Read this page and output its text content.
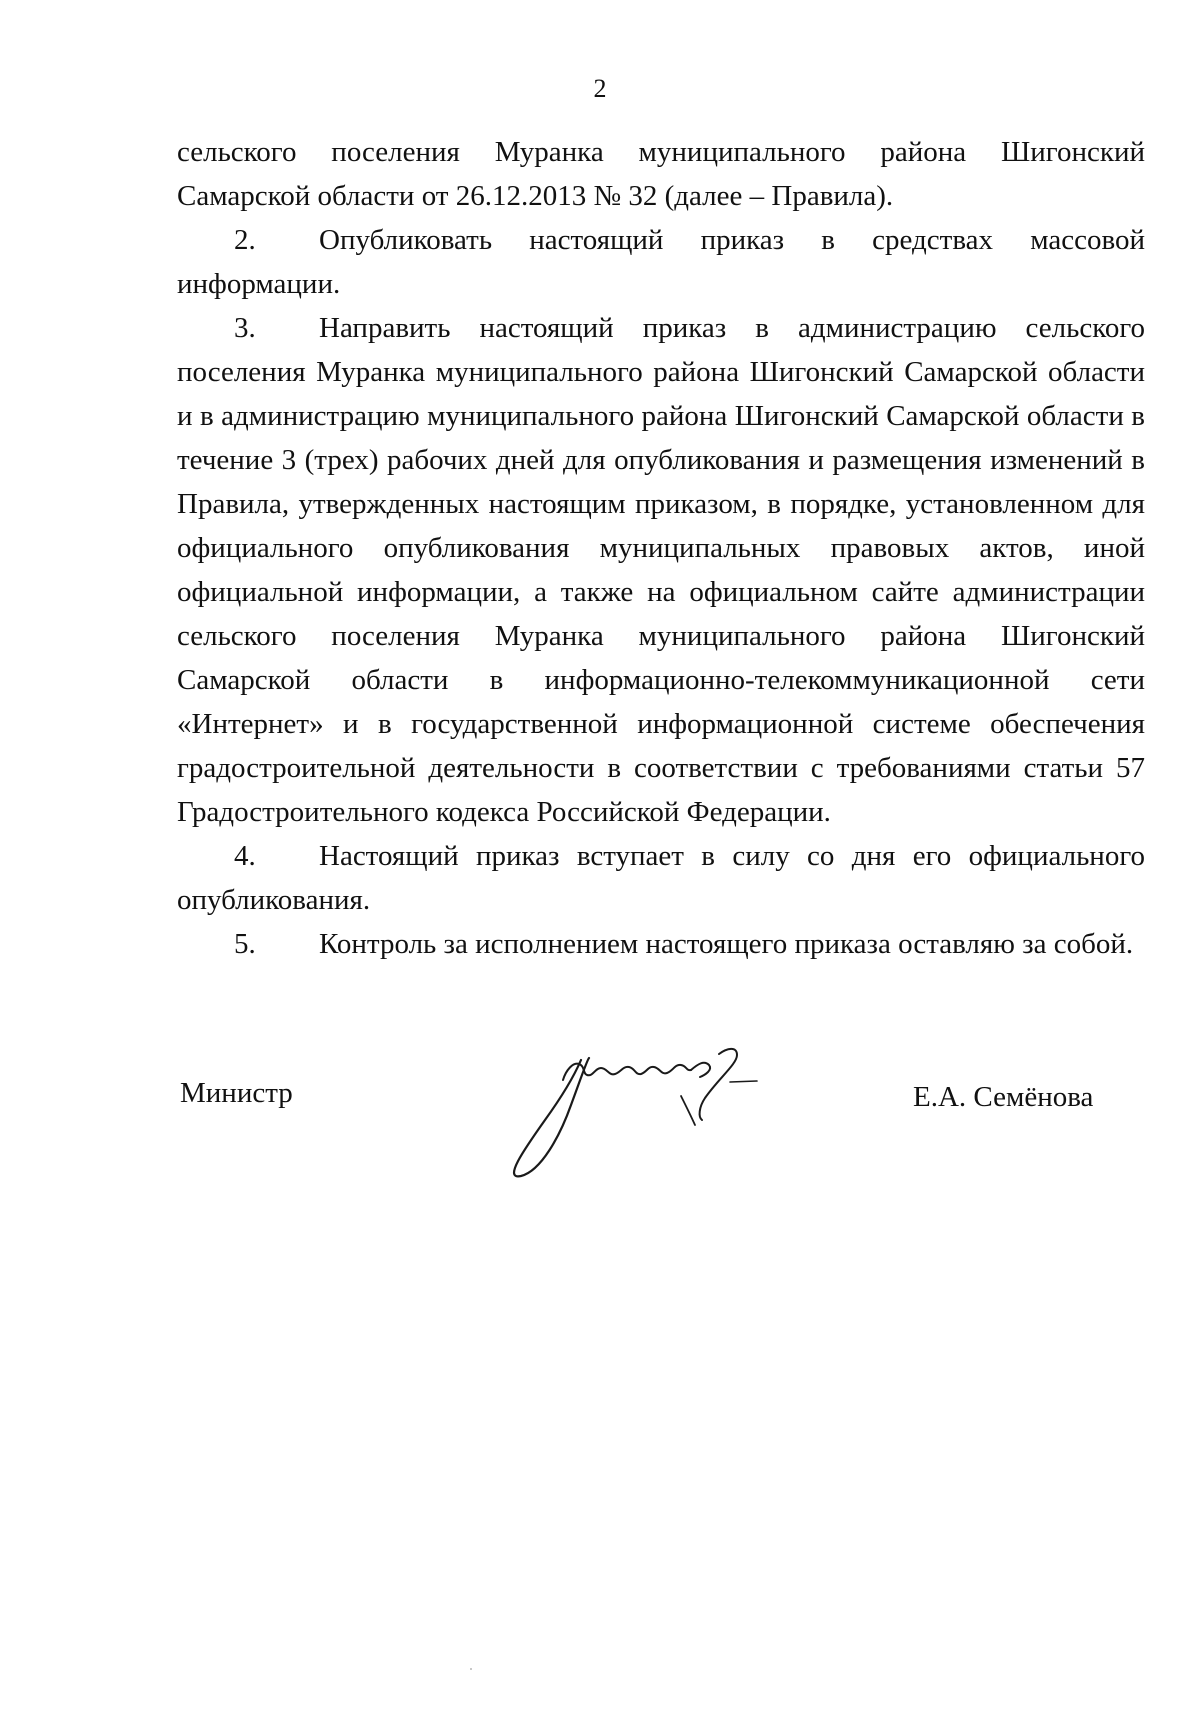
2

сельского поселения Муранка муниципального района Шигонский Самарской области от 26.12.2013 № 32 (далее – Правила).

2. Опубликовать настоящий приказ в средствах массовой информации.

3. Направить настоящий приказ в администрацию сельского поселения Муранка муниципального района Шигонский Самарской области и в администрацию муниципального района Шигонский Самарской области в течение 3 (трех) рабочих дней для опубликования и размещения изменений в Правила, утвержденных настоящим приказом, в порядке, установленном для официального опубликования муниципальных правовых актов, иной официальной информации, а также на официальном сайте администрации сельского поселения Муранка муниципального района Шигонский Самарской области в информационно-телекоммуникационной сети «Интернет» и в государственной информационной системе обеспечения градостроительной деятельности в соответствии с требованиями статьи 57 Градостроительного кодекса Российской Федерации.

4. Настоящий приказ вступает в силу со дня его официального опубликования.

5. Контроль за исполнением настоящего приказа оставляю за собой.

Министр	Е.А. Семёнова
